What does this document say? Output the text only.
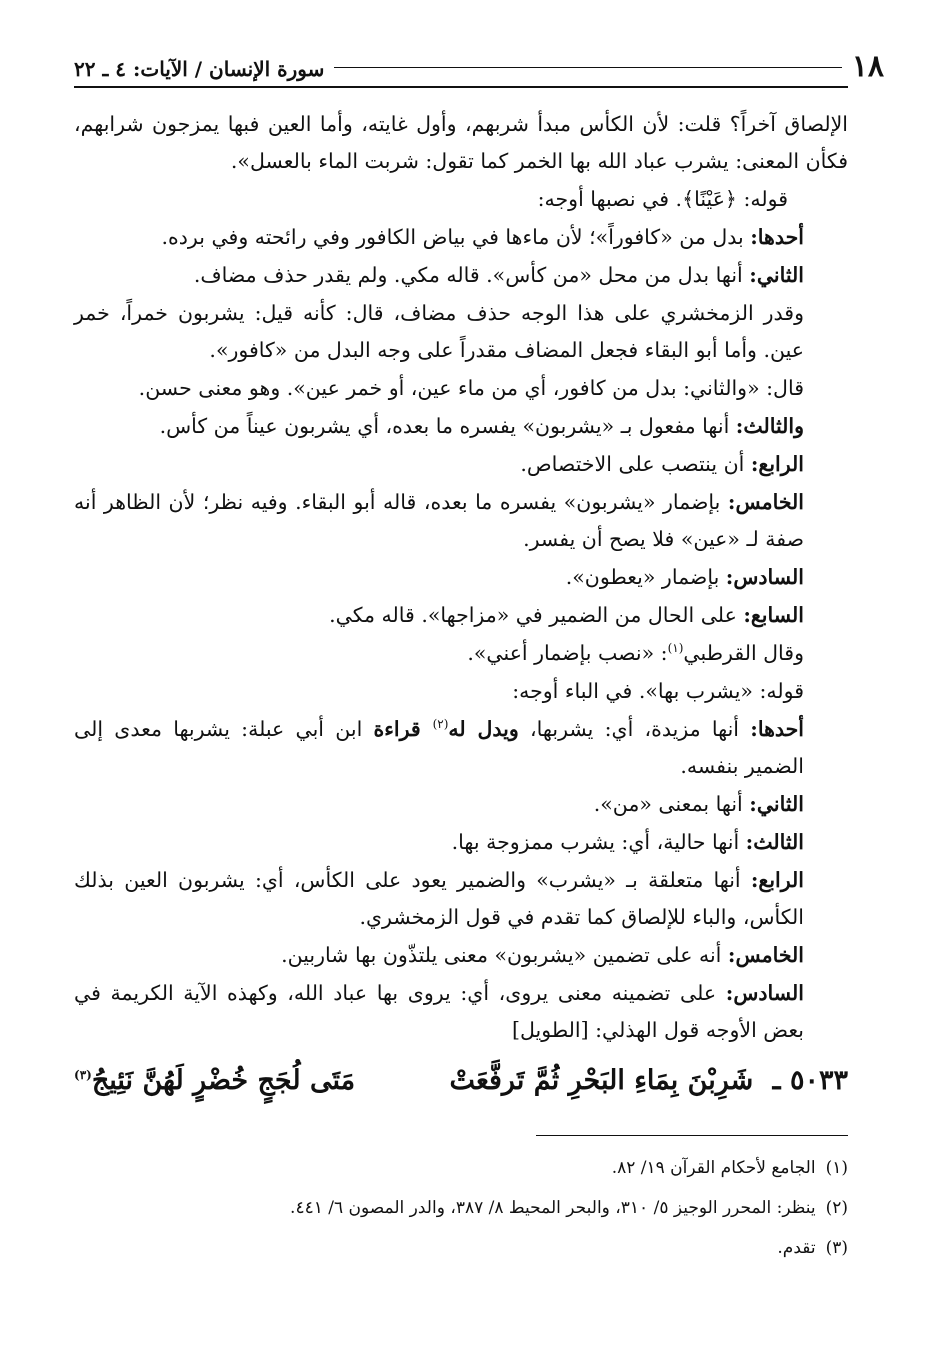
١٨
سورة الإنسان / الآيات: ٤ ـ ٢٢

الإلصاق آخراً؟ قلت: لأن الكأس مبدأ شربهم، وأول غايته، وأما العين فبها يمزجون شرابهم، فكأن المعنى: يشرب عباد الله بها الخمر كما تقول: شربت الماء بالعسل».

قوله: ﴿عَيْنًا﴾. في نصبها أوجه:

أحدها: بدل من «كافوراً»؛ لأن ماءها في بياض الكافور وفي رائحته وفي برده.

الثاني: أنها بدل من محل «من كأس». قاله مكي. ولم يقدر حذف مضاف.

وقدر الزمخشري على هذا الوجه حذف مضاف، قال: كأنه قيل: يشربون خمراً، خمر عين. وأما أبو البقاء فجعل المضاف مقدراً على وجه البدل من «كافور».

قال: «والثاني: بدل من كافور، أي من ماء عين، أو خمر عين». وهو معنى حسن.

والثالث: أنها مفعول بـ «يشربون» يفسره ما بعده، أي يشربون عيناً من كأس.

الرابع: أن ينتصب على الاختصاص.

الخامس: بإضمار «يشربون» يفسره ما بعده، قاله أبو البقاء. وفيه نظر؛ لأن الظاهر أنه صفة لـ «عين» فلا يصح أن يفسر.

السادس: بإضمار «يعطون».

السابع: على الحال من الضمير في «مزاجها». قاله مكي.

وقال القرطبي$^{(١)}$: «نصب بإضمار أعني».

قوله: «يشرب بها». في الباء أوجه:

أحدها: أنها مزيدة، أي: يشربها، ويدل له$^{(٢)}$ قراءة ابن أبي عبلة: يشربها معدى إلى الضمير بنفسه.

الثاني: أنها بمعنى «من».

الثالث: أنها حالية، أي: يشرب ممزوجة بها.

الرابع: أنها متعلقة بـ «يشرب» والضمير يعود على الكأس، أي: يشربون العين بذلك الكأس، والباء للإلصاق كما تقدم في قول الزمخشري.

الخامس: أنه على تضمين «يشربون» معنى يلتذّون بها شاربين.

السادس: على تضمينه معنى يروى، أي: يروى بها عباد الله، وكهذه الآية الكريمة في بعض الأوجه قول الهذلي: [الطويل]

٥٠٣٣ ـ شَرِبْنَ بِمَاءِ البَحْرِ ثُمَّ تَرفَّعَتْ
مَتَى لُجَجٍ خُضْرٍ لَهُنَّ نَئِيجُ$^{(٣)}$
(١)
الجامع لأحكام القرآن ١٩/ ٨٢.
(٢)
ينظر: المحرر الوجيز ٥/ ٣١٠، والبحر المحيط ٨/ ٣٨٧، والدر المصون ٦/ ٤٤١.
(٣)
تقدم.
